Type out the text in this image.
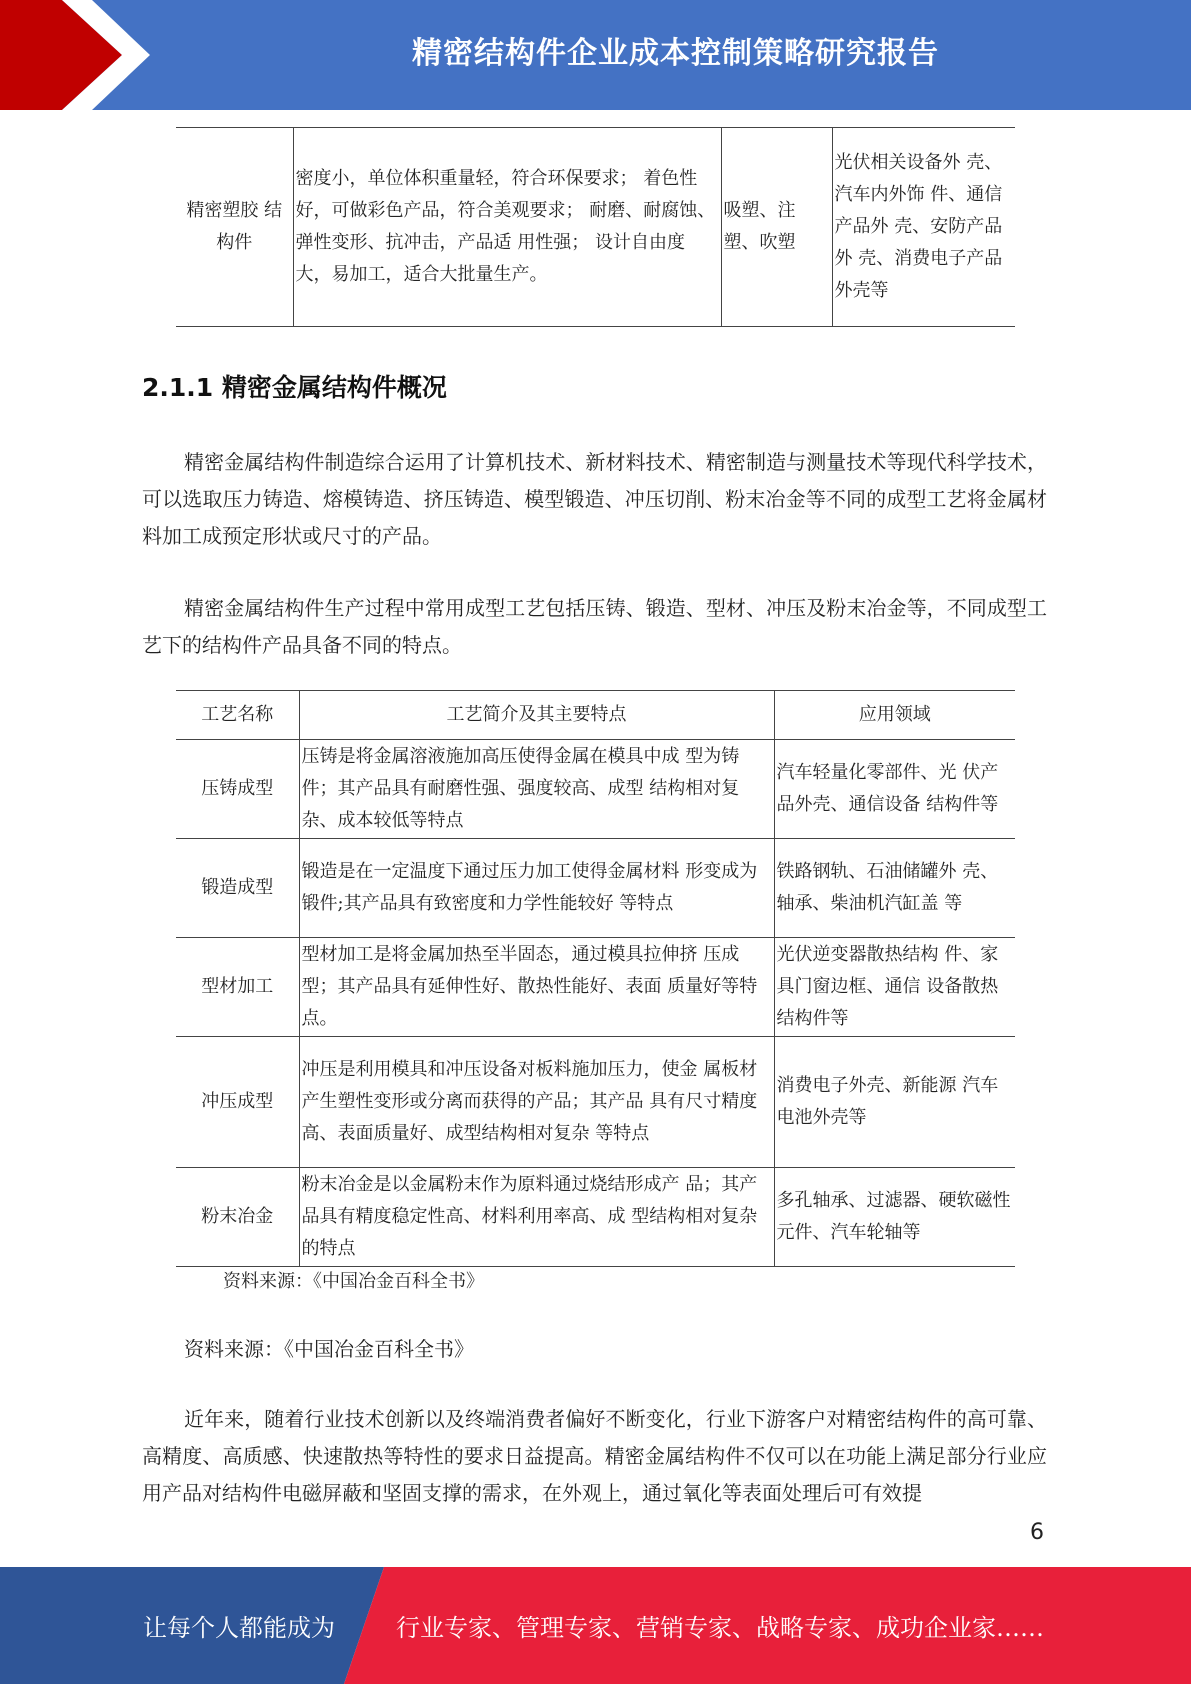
精密结构件企业成本控制策略研究报告
精密塑胶 结构件	密度小，单位体积重量轻，符合环保要求； 着色性好，可做彩色产品，符合美观要求； 耐磨、耐腐蚀、弹性变形、抗冲击，产品适 用性强； 设计自由度大，易加工，适合大批量生产。	吸塑、注塑、吹塑	光伏相关设备外 壳、汽车内外饰 件、通信产品外 壳、安防产品外 壳、消费电子产品外壳等
2.1.1 精密金属结构件概况

精密金属结构件制造综合运用了计算机技术、新材料技术、精密制造与测量技术等现代科学技术，可以选取压力铸造、熔模铸造、挤压铸造、模型锻造、冲压切削、粉末冶金等不同的成型工艺将金属材料加工成预定形状或尺寸的产品。

精密金属结构件生产过程中常用成型工艺包括压铸、锻造、型材、冲压及粉末冶金等，不同成型工艺下的结构件产品具备不同的特点。

工艺名称	工艺简介及其主要特点	应用领域
压铸成型	压铸是将金属溶液施加高压使得金属在模具中成 型为铸件；其产品具有耐磨性强、强度较高、成型 结构相对复杂、成本较低等特点	汽车轻量化零部件、光 伏产品外壳、通信设备 结构件等
锻造成型	锻造是在一定温度下通过压力加工使得金属材料 形变成为锻件;其产品具有致密度和力学性能较好 等特点	铁路钢轨、石油储罐外 壳、轴承、柴油机汽缸盖 等
型材加工	型材加工是将金属加热至半固态，通过模具拉伸挤 压成型；其产品具有延伸性好、散热性能好、表面 质量好等特点。	光伏逆变器散热结构 件、家具门窗边框、通信 设备散热结构件等
冲压成型	冲压是利用模具和冲压设备对板料施加压力，使金 属板材产生塑性变形或分离而获得的产品；其产品 具有尺寸精度高、表面质量好、成型结构相对复杂 等特点	消费电子外壳、新能源 汽车电池外壳等
粉末冶金	粉末冶金是以金属粉末作为原料通过烧结形成产 品；其产品具有精度稳定性高、材料利用率高、成 型结构相对复杂的特点	多孔轴承、过滤器、硬软磁性元件、汽车轮轴等

资料来源：《中国冶金百科全书》

资料来源：《中国冶金百科全书》

近年来，随着行业技术创新以及终端消费者偏好不断变化，行业下游客户对精密结构件的高可靠、高精度、高质感、快速散热等特性的要求日益提高。精密金属结构件不仅可以在功能上满足部分行业应用产品对结构件电磁屏蔽和坚固支撑的需求，在外观上，通过氧化等表面处理后可有效提

6
让每个人都能成为	行业专家、管理专家、营销专家、战略专家、成功企业家……
